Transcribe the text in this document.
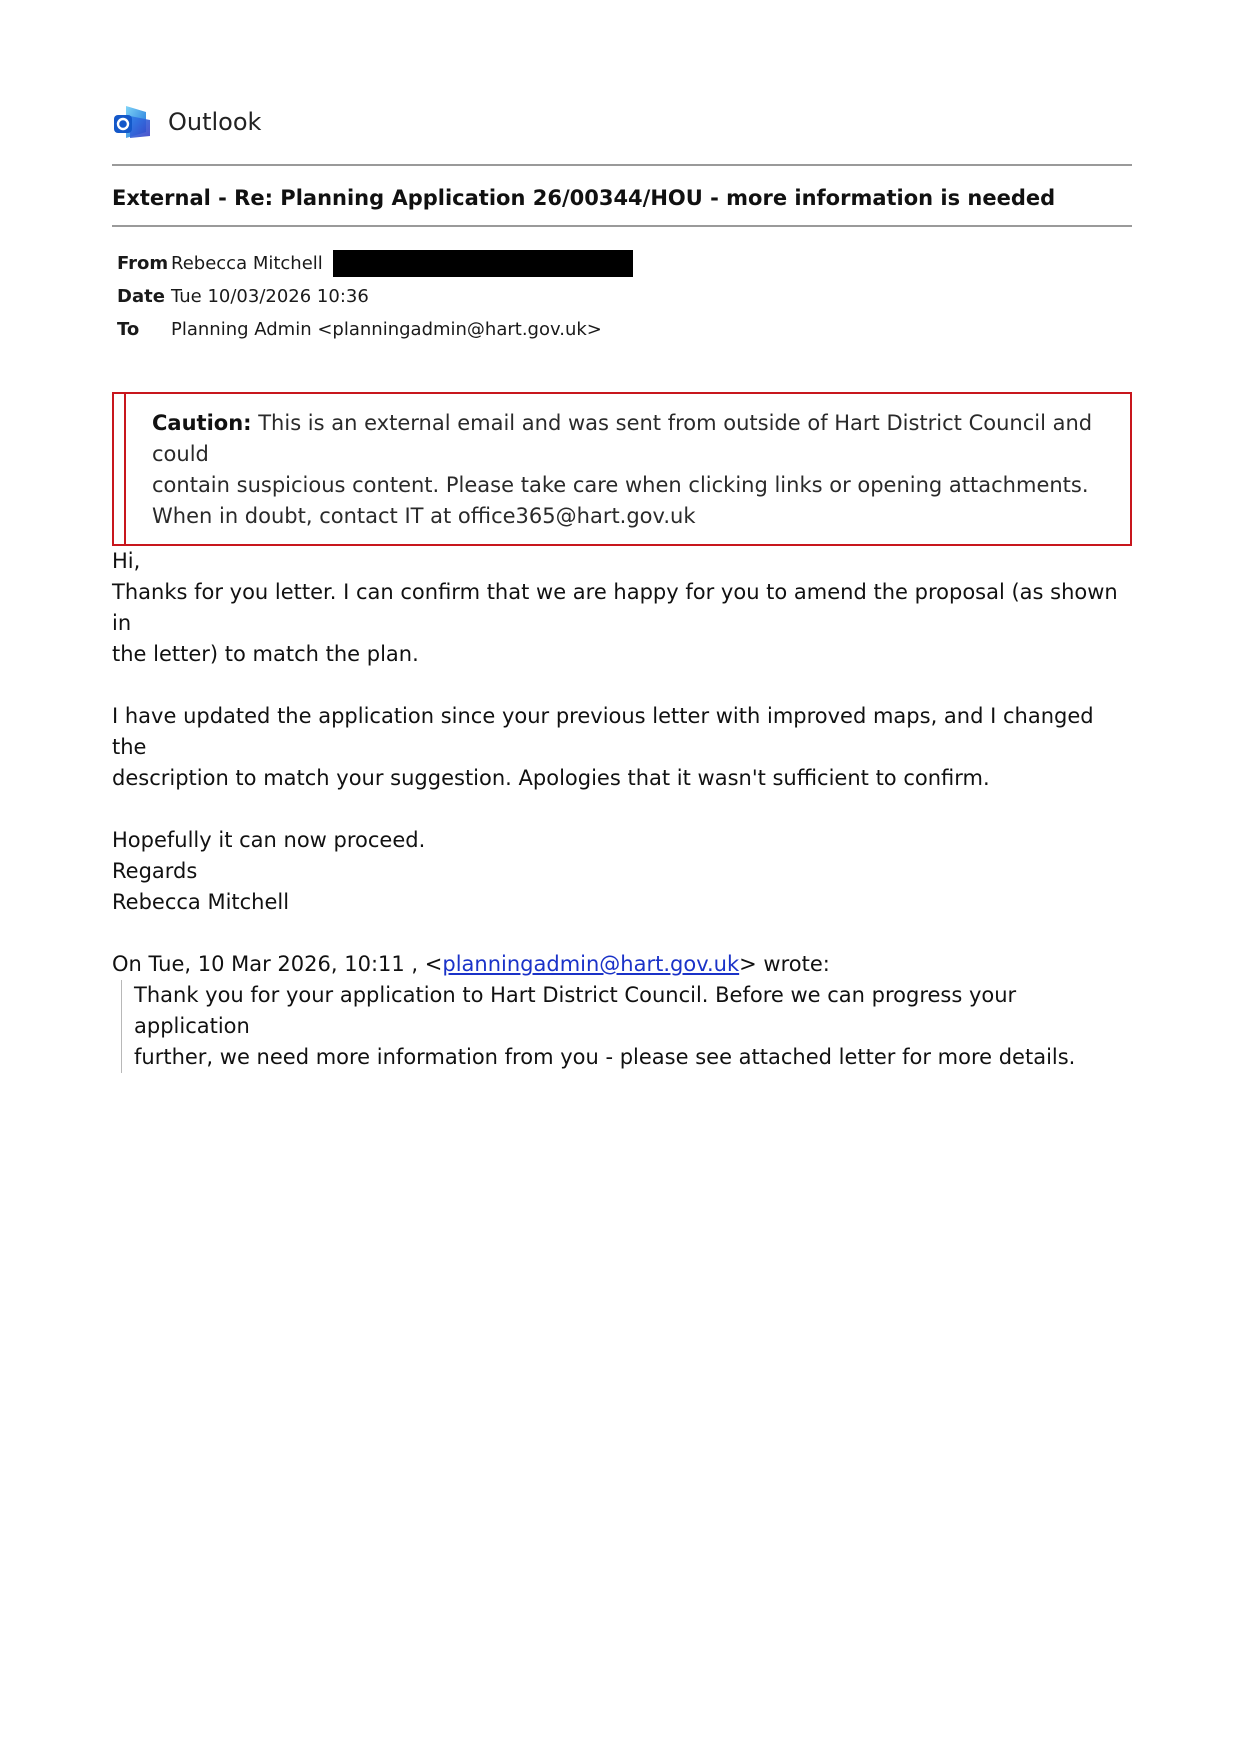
Outlook
External - Re: Planning Application 26/00344/HOU - more information is needed
From Rebecca Mitchell
Date Tue 10/03/2026 10:36
To	Planning Admin <planningadmin@hart.gov.uk>
Caution: This is an external email and was sent from outside of Hart District Council and could
contain suspicious content. Please take care when clicking links or opening attachments.
When in doubt, contact IT at office365@hart.gov.uk

Hi,

Thanks for you letter. I can confirm that we are happy for you to amend the proposal (as shown in

the letter) to match the plan.

I have updated the application since your previous letter with improved maps, and I changed the

description to match your suggestion. Apologies that it wasn't sufficient to confirm.

Hopefully it can now proceed.

Regards

Rebecca Mitchell

On Tue, 10 Mar 2026, 10:11 , <planningadmin@hart.gov.uk> wrote:

Thank you for your application to Hart District Council. Before we can progress your application

further, we need more information from you - please see attached letter for more details.
